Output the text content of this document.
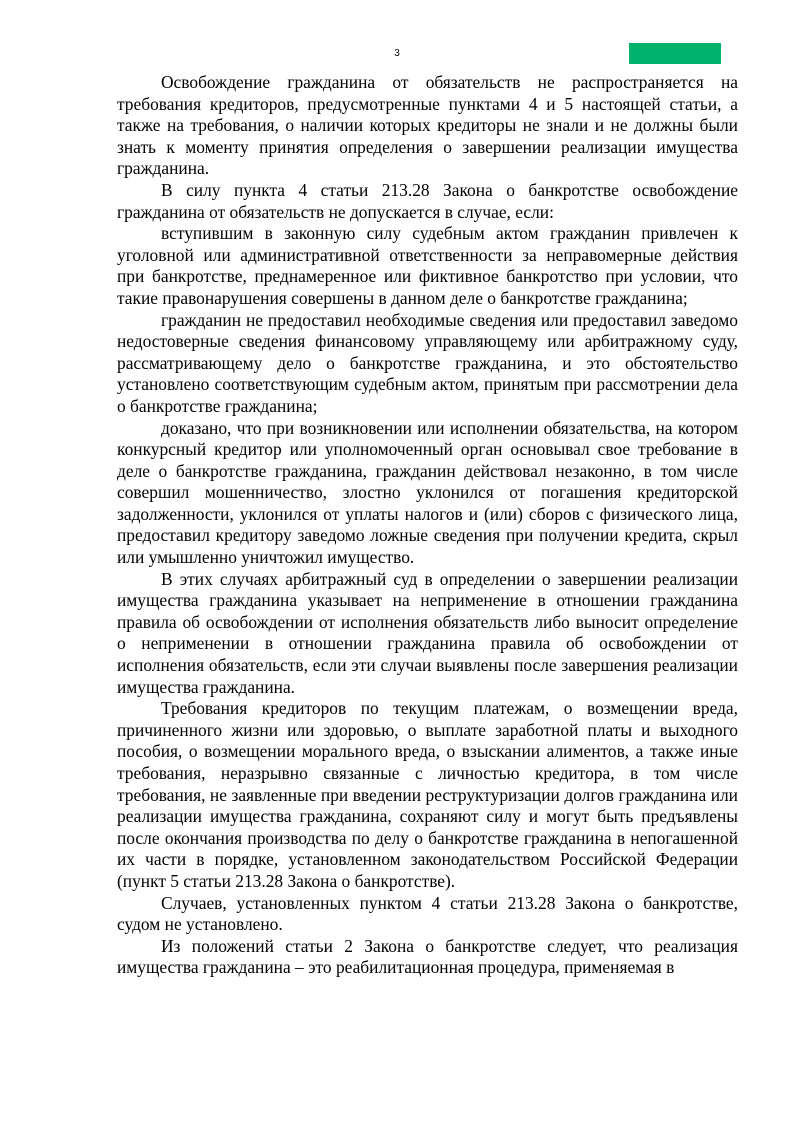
3

Освобождение гражданина от обязательств не распространяется на требования кредиторов, предусмотренные пунктами 4 и 5 настоящей статьи, а также на требования, о наличии которых кредиторы не знали и не должны были знать к моменту принятия определения о завершении реализации имущества гражданина.

В силу пункта 4 статьи 213.28 Закона о банкротстве освобождение гражданина от обязательств не допускается в случае, если:

вступившим в законную силу судебным актом гражданин привлечен к уголовной или административной ответственности за неправомерные действия при банкротстве, преднамеренное или фиктивное банкротство при условии, что такие правонарушения совершены в данном деле о банкротстве гражданина;

гражданин не предоставил необходимые сведения или предоставил заведомо недостоверные сведения финансовому управляющему или арбитражному суду, рассматривающему дело о банкротстве гражданина, и это обстоятельство установлено соответствующим судебным актом, принятым при рассмотрении дела о банкротстве гражданина;

доказано, что при возникновении или исполнении обязательства, на котором конкурсный кредитор или уполномоченный орган основывал свое требование в деле о банкротстве гражданина, гражданин действовал незаконно, в том числе совершил мошенничество, злостно уклонился от погашения кредиторской задолженности, уклонился от уплаты налогов и (или) сборов с физического лица, предоставил кредитору заведомо ложные сведения при получении кредита, скрыл или умышленно уничтожил имущество.

В этих случаях арбитражный суд в определении о завершении реализации имущества гражданина указывает на неприменение в отношении гражданина правила об освобождении от исполнения обязательств либо выносит определение о неприменении в отношении гражданина правила об освобождении от исполнения обязательств, если эти случаи выявлены после завершения реализации имущества гражданина.

Требования кредиторов по текущим платежам, о возмещении вреда, причиненного жизни или здоровью, о выплате заработной платы и выходного пособия, о возмещении морального вреда, о взыскании алиментов, а также иные требования, неразрывно связанные с личностью кредитора, в том числе требования, не заявленные при введении реструктуризации долгов гражданина или реализации имущества гражданина, сохраняют силу и могут быть предъявлены после окончания производства по делу о банкротстве гражданина в непогашенной их части в порядке, установленном законодательством Российской Федерации (пункт 5 статьи 213.28 Закона о банкротстве).

Случаев, установленных пунктом 4 статьи 213.28 Закона о банкротстве, судом не установлено.

Из положений статьи 2 Закона о банкротстве следует, что реализация имущества гражданина – это реабилитационная процедура, применяемая в
